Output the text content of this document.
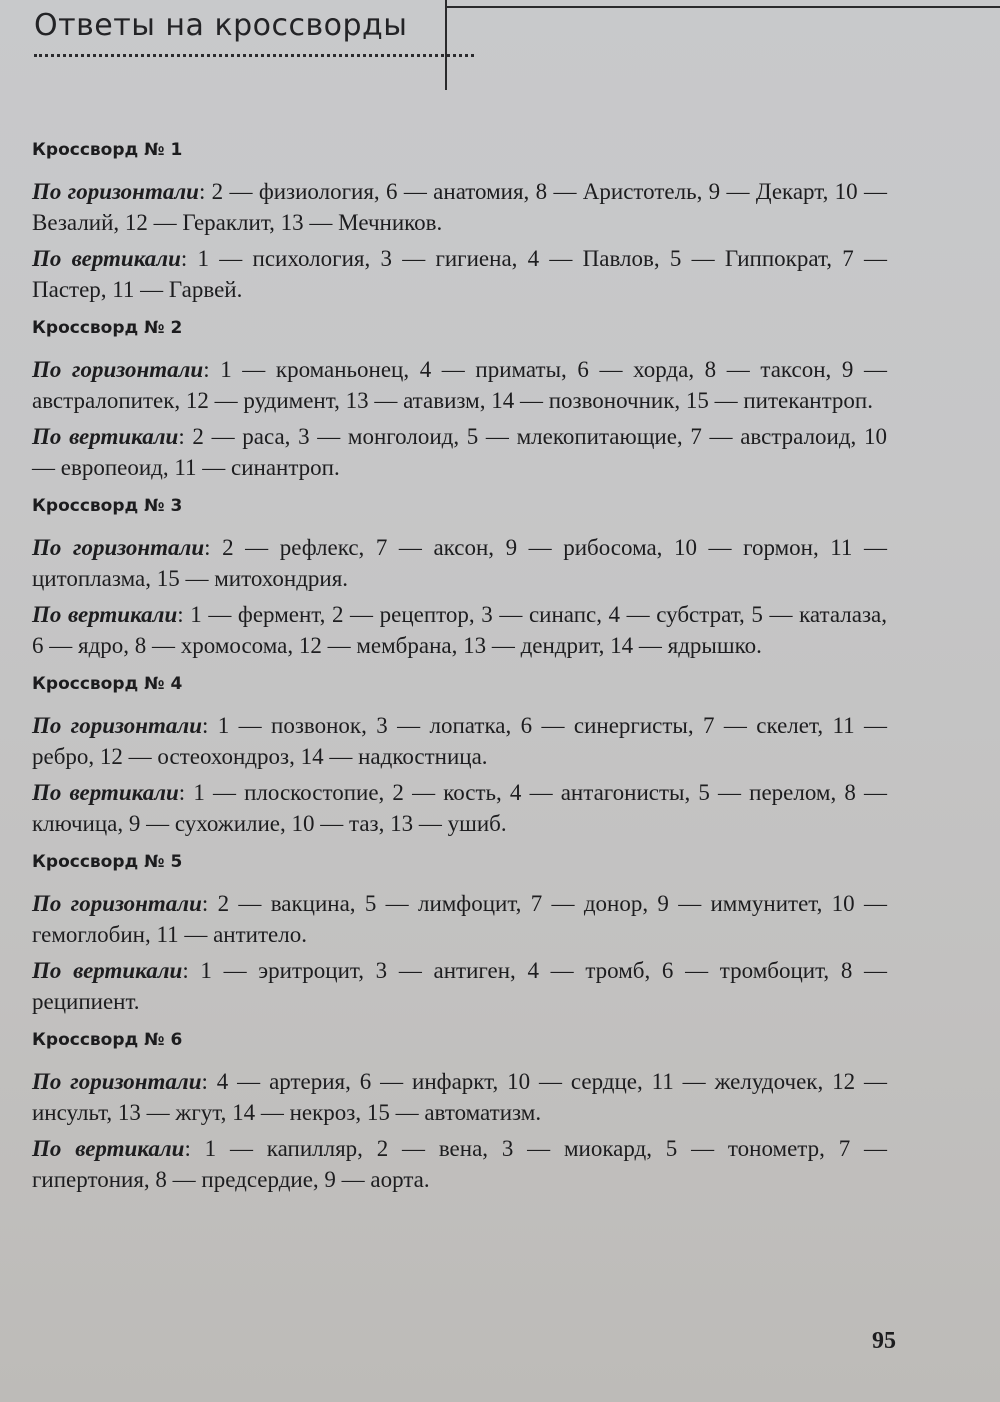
Ответы на кроссворды
Кроссворд № 1
По горизонтали: 2 — физиология, 6 — анатомия, 8 — Аристотель, 9 — Декарт, 10 — Везалий, 12 — Гераклит, 13 — Мечников.
По вертикали: 1 — психология, 3 — гигиена, 4 — Павлов, 5 — Гиппократ, 7 — Пастер, 11 — Гарвей.
Кроссворд № 2
По горизонтали: 1 — кроманьонец, 4 — приматы, 6 — хорда, 8 — таксон, 9 — австралопитек, 12 — рудимент, 13 — атавизм, 14 — позвоночник, 15 — питекантроп.
По вертикали: 2 — раса, 3 — монголоид, 5 — млекопитающие, 7 — австралоид, 10 — европеоид, 11 — синантроп.
Кроссворд № 3
По горизонтали: 2 — рефлекс, 7 — аксон, 9 — рибосома, 10 — гормон, 11 — цитоплазма, 15 — митохондрия.
По вертикали: 1 — фермент, 2 — рецептор, 3 — синапс, 4 — субстрат, 5 — каталаза, 6 — ядро, 8 — хромосома, 12 — мембрана, 13 — дендрит, 14 — ядрышко.
Кроссворд № 4
По горизонтали: 1 — позвонок, 3 — лопатка, 6 — синергисты, 7 — скелет, 11 — ребро, 12 — остеохондроз, 14 — надкостница.
По вертикали: 1 — плоскостопие, 2 — кость, 4 — антагонисты, 5 — перелом, 8 — ключица, 9 — сухожилие, 10 — таз, 13 — ушиб.
Кроссворд № 5
По горизонтали: 2 — вакцина, 5 — лимфоцит, 7 — донор, 9 — иммунитет, 10 — гемоглобин, 11 — антитело.
По вертикали: 1 — эритроцит, 3 — антиген, 4 — тромб, 6 — тромбоцит, 8 — реципиент.
Кроссворд № 6
По горизонтали: 4 — артерия, 6 — инфаркт, 10 — сердце, 11 — желудочек, 12 — инсульт, 13 — жгут, 14 — некроз, 15 — автоматизм.
По вертикали: 1 — капилляр, 2 — вена, 3 — миокард, 5 — тонометр, 7 — гипертония, 8 — предсердие, 9 — аорта.
95
